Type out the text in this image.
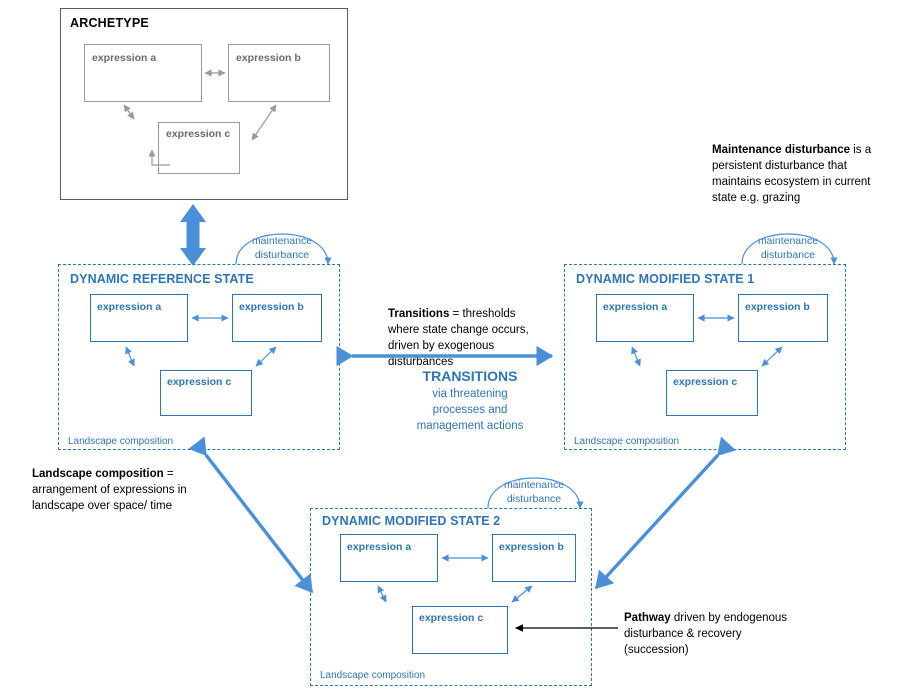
ARCHETYPE
expression a	expression b
expression c
DYNAMIC REFERENCE STATE
expression a	expression b
expression c
Landscape composition
maintenance
disturbance
DYNAMIC MODIFIED STATE 1
expression a	expression b
expression c
Landscape composition
maintenance
disturbance
DYNAMIC MODIFIED STATE 2
expression a	expression b
expression c
Landscape composition
maintenance
disturbance
Maintenance disturbance is a persistent disturbance that maintains ecosystem in current state e.g. grazing
Transitions = thresholds where state change occurs, driven by exogenous disturbances
TRANSITIONS
via threatening
processes and
management actions
Landscape composition = arrangement of expressions in landscape over space/ time
Pathway driven by endogenous disturbance & recovery (succession)
